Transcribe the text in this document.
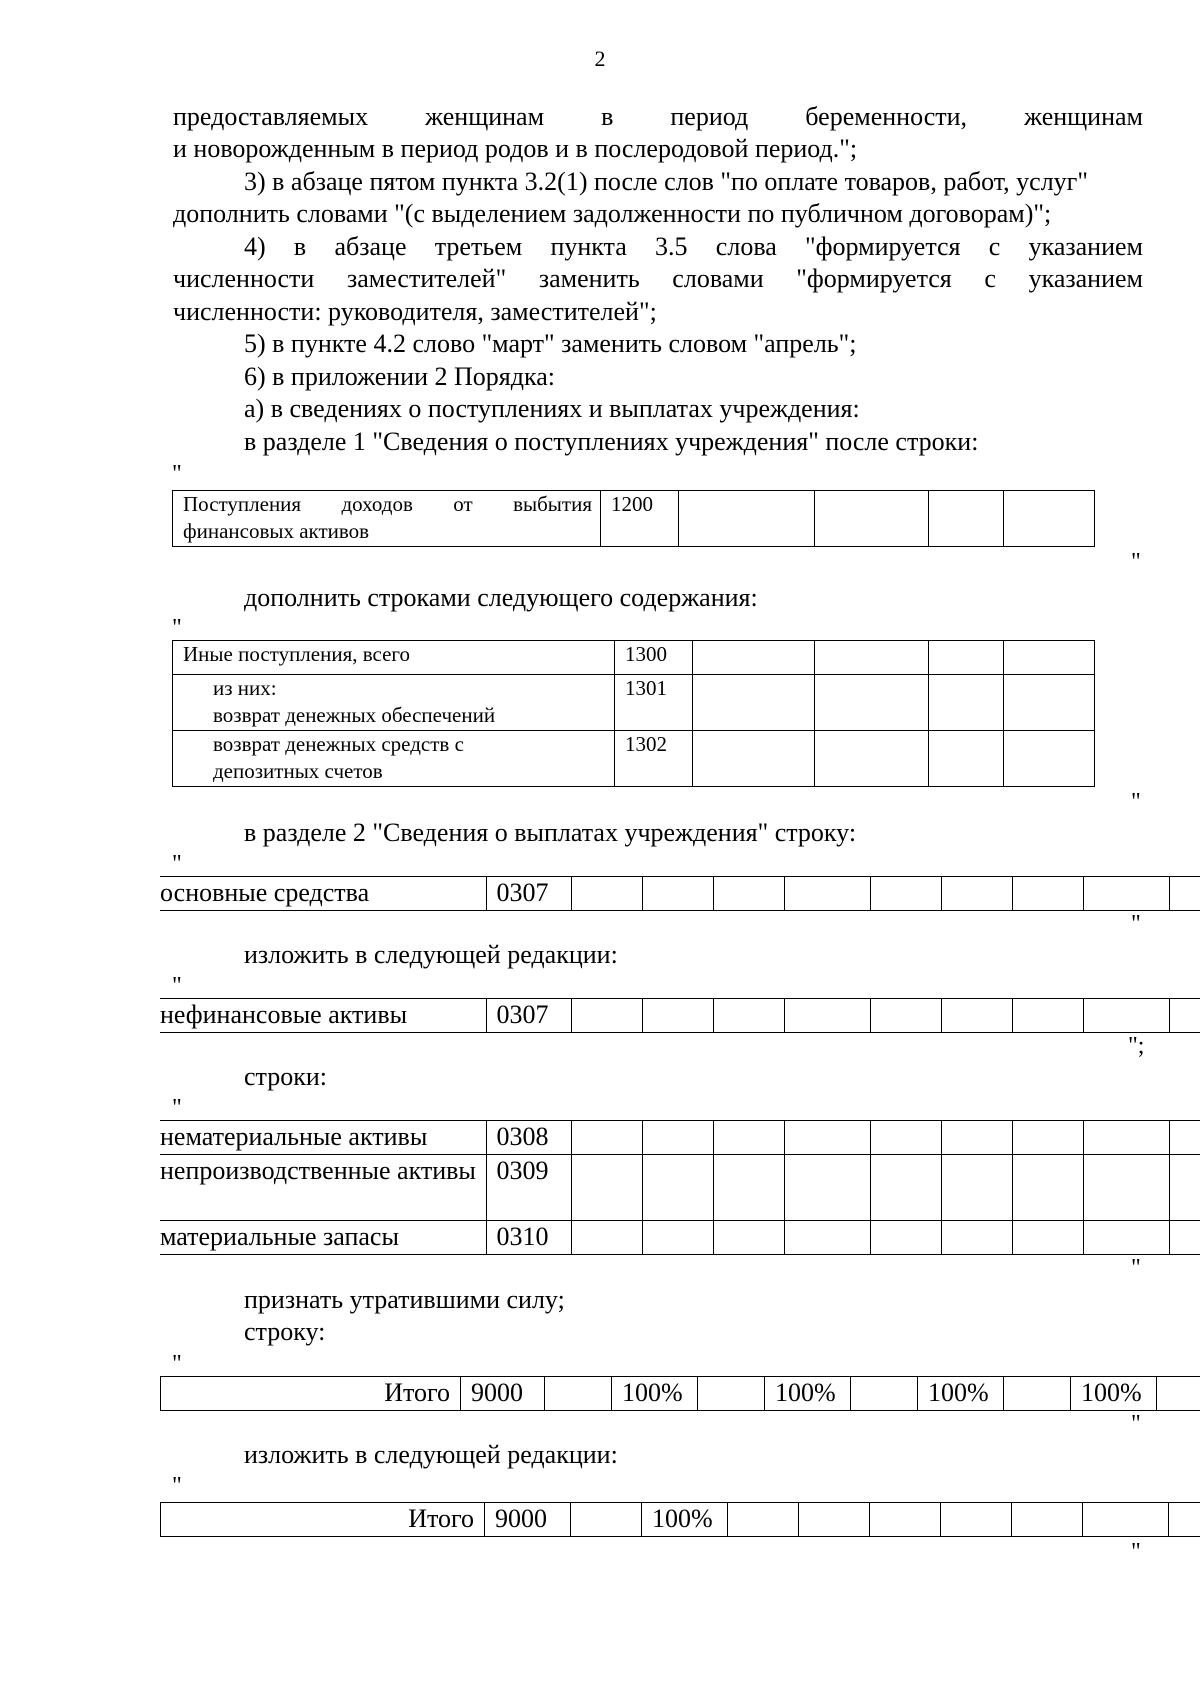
2
предоставляемых женщинам в период беременности, женщинам
и новорожденным в период родов и в послеродовой период.";
3) в абзаце пятом пункта 3.2(1) после слов "по оплате товаров, работ, услуг"
дополнить словами "(с выделением задолженности по публичном договорам)";
4) в абзаце третьем пункта 3.5 слова "формируется с указанием
численности заместителей" заменить словами "формируется с указанием
численности: руководителя, заместителей";
5) в пункте 4.2 слово "март" заменить словом "апрель";
6) в приложении 2 Порядка:
а) в сведениях о поступлениях и выплатах учреждения:
в разделе 1 "Сведения о поступлениях учреждения" после строки:
"
Поступления доходов от выбытия финансовых активов	1200				
"
дополнить строками следующего содержания:
"
Иные поступления, всего	1300				
из них:
возврат денежных обеспечений	1301				
возврат денежных средств с
депозитных счетов	1302				
"
в разделе 2 "Сведения о выплатах учреждения" строку:
"
основные средства	0307									
"
изложить в следующей редакции:
"
нефинансовые активы	0307									
";
строки:
"
нематериальные активы	0308									
непроизводственные активы	0309									
материальные запасы	0310									
"
признать утратившими силу;
строку:
"
Итого	9000		100%		100%		100%		100%	
"
изложить в следующей редакции:
"
Итого	9000		100%							
"
